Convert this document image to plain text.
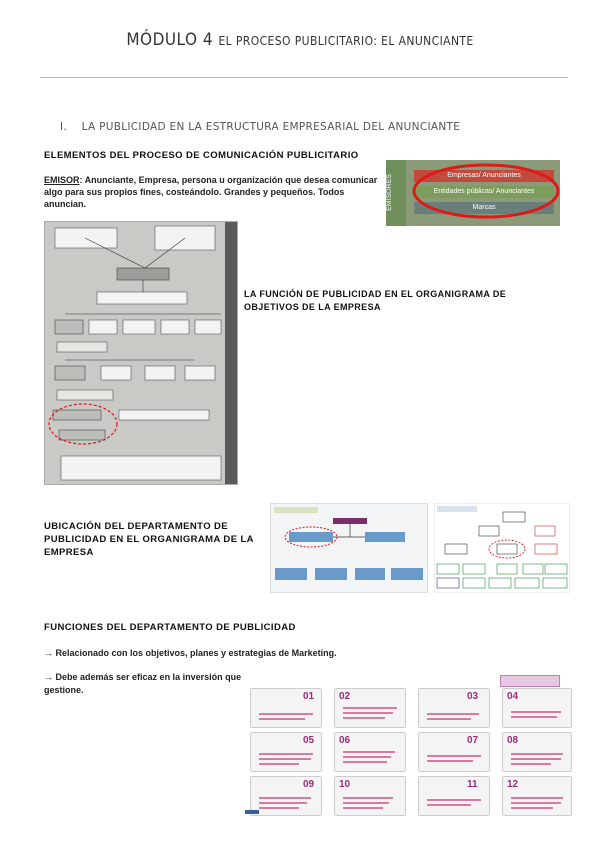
MÓDULO 4 EL PROCESO PUBLICITARIO: EL ANUNCIANTE
I. LA PUBLICIDAD EN LA ESTRUCTURA EMPRESARIAL DEL ANUNCIANTE
ELEMENTOS DEL PROCESO DE COMUNICACIÓN PUBLICITARIO
EMISOR: Anunciante, Empresa, persona u organización que desea comunicar
algo para sus propios fines, costeándolo. Grandes y pequeños. Todos anuncian.	EMISORES	Empresas/ Anunciantes
Entidades públicas/ Anunciantes
Marcas
LA FUNCIÓN DE PUBLICIDAD EN EL ORGANIGRAMA DE
OBJETIVOS DE LA EMPRESA
UBICACIÓN DEL DEPARTAMENTO DE
PUBLICIDAD EN EL ORGANIGRAMA DE LA
EMPRESA
FUNCIONES DEL DEPARTAMENTO DE PUBLICIDAD
→ Relacionado con los objetivos, planes y estrategias de Marketing.
→ Debe además ser eficaz en la inversión que
gestione.
01 02	03	04
05 06	07	08
09 10	11	12
